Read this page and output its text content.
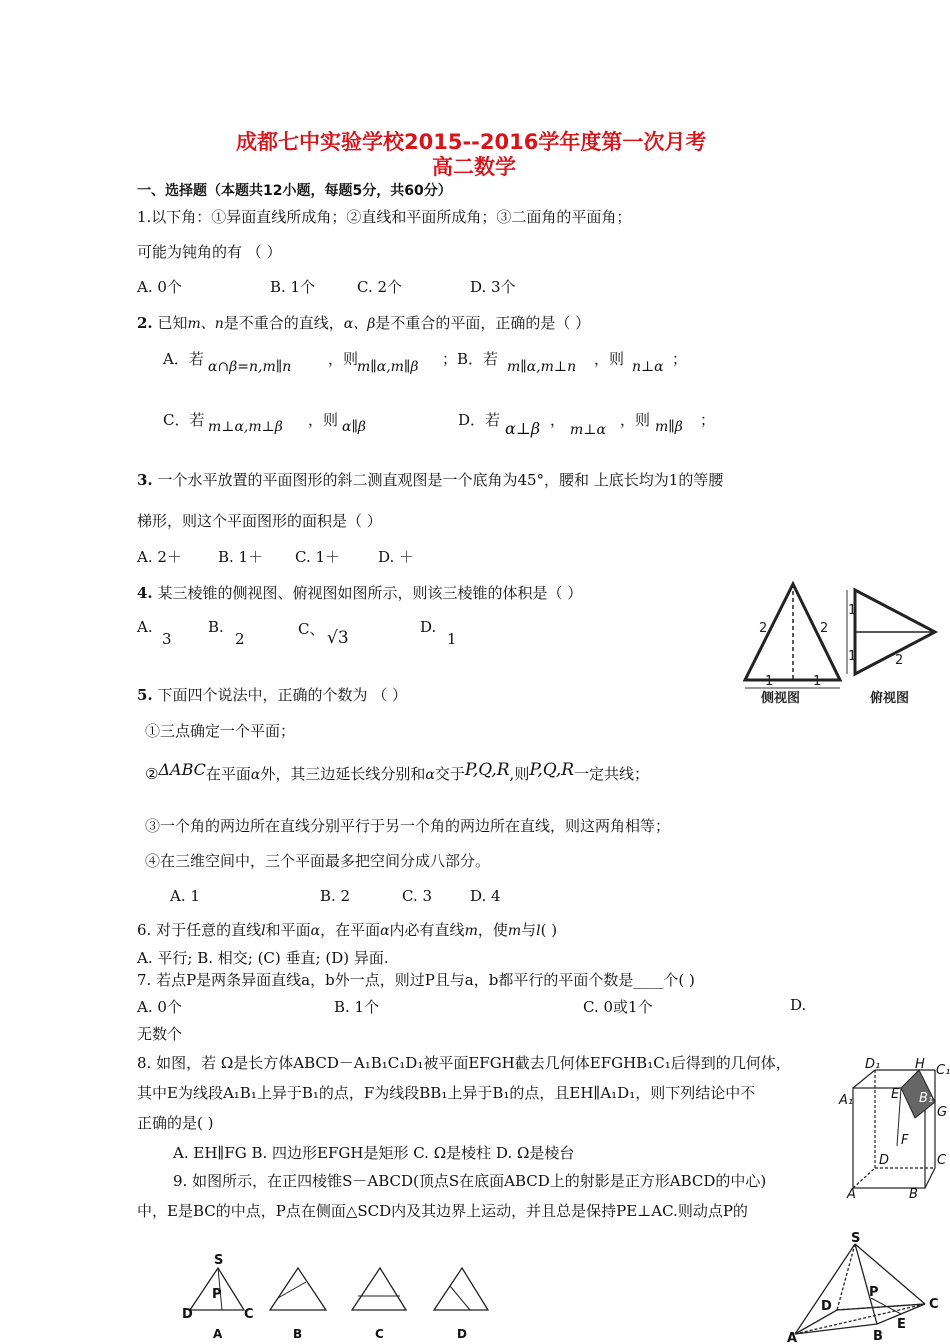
成都七中实验学校2015--2016学年度第一次月考
高二数学
一、选择题（本题共12小题，每题5分，共60分）
1.以下角：①异面直线所成角；②直线和平面所成角；③二面角的平面角；
可能为钝角的有 （ ）
A. 0个	B. 1个	C. 2个	D. 3个
2. 已知m、n是不重合的直线，α、β是不重合的平面，正确的是（ ）
A．若 α∩β=n,m∥n ，则
m∥α,m∥β ；B．若 m∥α,m⊥n ，则 n⊥α ；
C．若 m⊥α,m⊥β ，则 α∥β	D．若 α⊥β ，
m⊥α
，则 m∥β ；
3. 一个水平放置的平面图形的斜二测直观图是一个底角为45°，腰和 上底长均为1的等腰
梯形，则这个平面图形的面积是（ ）
A. 2＋ B. 1＋ C. 1＋	D. ＋
4. 某三棱锥的侧视图、俯视图如图所示，则该三棱锥的体积是（ ）
A.
3
B.
2
C、 √3
D.
1
2	2
1	1
1
1	2
侧视图	俯视图
5. 下面四个说法中，正确的个数为 （ ）
①三点确定一个平面；
②ΔABC在平面α外，其三边延长线分别和α交于P,Q,R,则P,Q,R一定共线；
③一个角的两边所在直线分别平行于另一个角的两边所在直线，则这两角相等；
④在三维空间中，三个平面最多把空间分成八部分。
A. 1	B. 2	C. 3	D. 4
6. 对于任意的直线l和平面α，在平面α内必有直线m，使m与l( )
A. 平行; B. 相交; (C) 垂直; (D) 异面.
7. 若点P是两条异面直线a，b外一点，则过P且与a，b都平行的平面个数是____个( )
A. 0个	B. 1个	C. 0或1个	D.
无数个
8. 如图，若 Ω是长方体ABCD－A₁B₁C₁D₁被平面EFGH截去几何体EFGHB₁C₁后得到的几何体，
其中E为线段A₁B₁上异于B₁的点，F为线段BB₁上异于B₁的点，且EH∥A₁D₁，则下列结论中不
正确的是( )
A. EH∥FG B. 四边形EFGH是矩形 C. Ω是棱柱 D. Ω是棱台
D₁	H C₁
A₁	E B₁
G
F
D	C
A	B
9. 如图所示，在正四棱锥S－ABCD(顶点S在底面ABCD上的射影是正方形ABCD的中心)
中，E是BC的中点，P点在侧面△SCD内及其边界上运动，并且总是保持PE⊥AC.则动点P的
S
D	C
P
A	B	C	D
S
D
P
C
E
A	B
